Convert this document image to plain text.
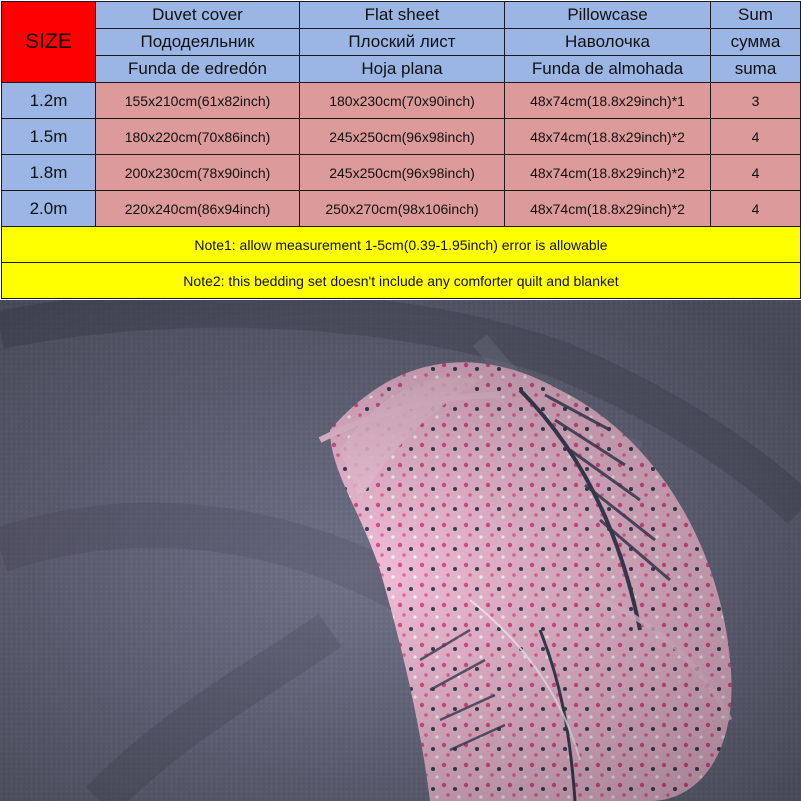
SIZE	Duvet cover	Flat sheet	Pillowcase	Sum
	Пододеяльник	Плоский лист	Наволочка	сумма
	Funda de edredón	Hoja plana	Funda de almohada	suma
1.2m	155x210cm(61x82inch)	180x230cm(70x90inch)	48x74cm(18.8x29inch)*1	3
1.5m	180x220cm(70x86inch)	245x250cm(96x98inch)	48x74cm(18.8x29inch)*2	4
1.8m	200x230cm(78x90inch)	245x250cm(96x98inch)	48x74cm(18.8x29inch)*2	4
2.0m	220x240cm(86x94inch)	250x270cm(98x106inch)	48x74cm(18.8x29inch)*2	4
Note1: allow measurement 1-5cm(0.39-1.95inch) error is allowable				
Note2: this bedding set doesn't include any comforter quilt and blanket				
